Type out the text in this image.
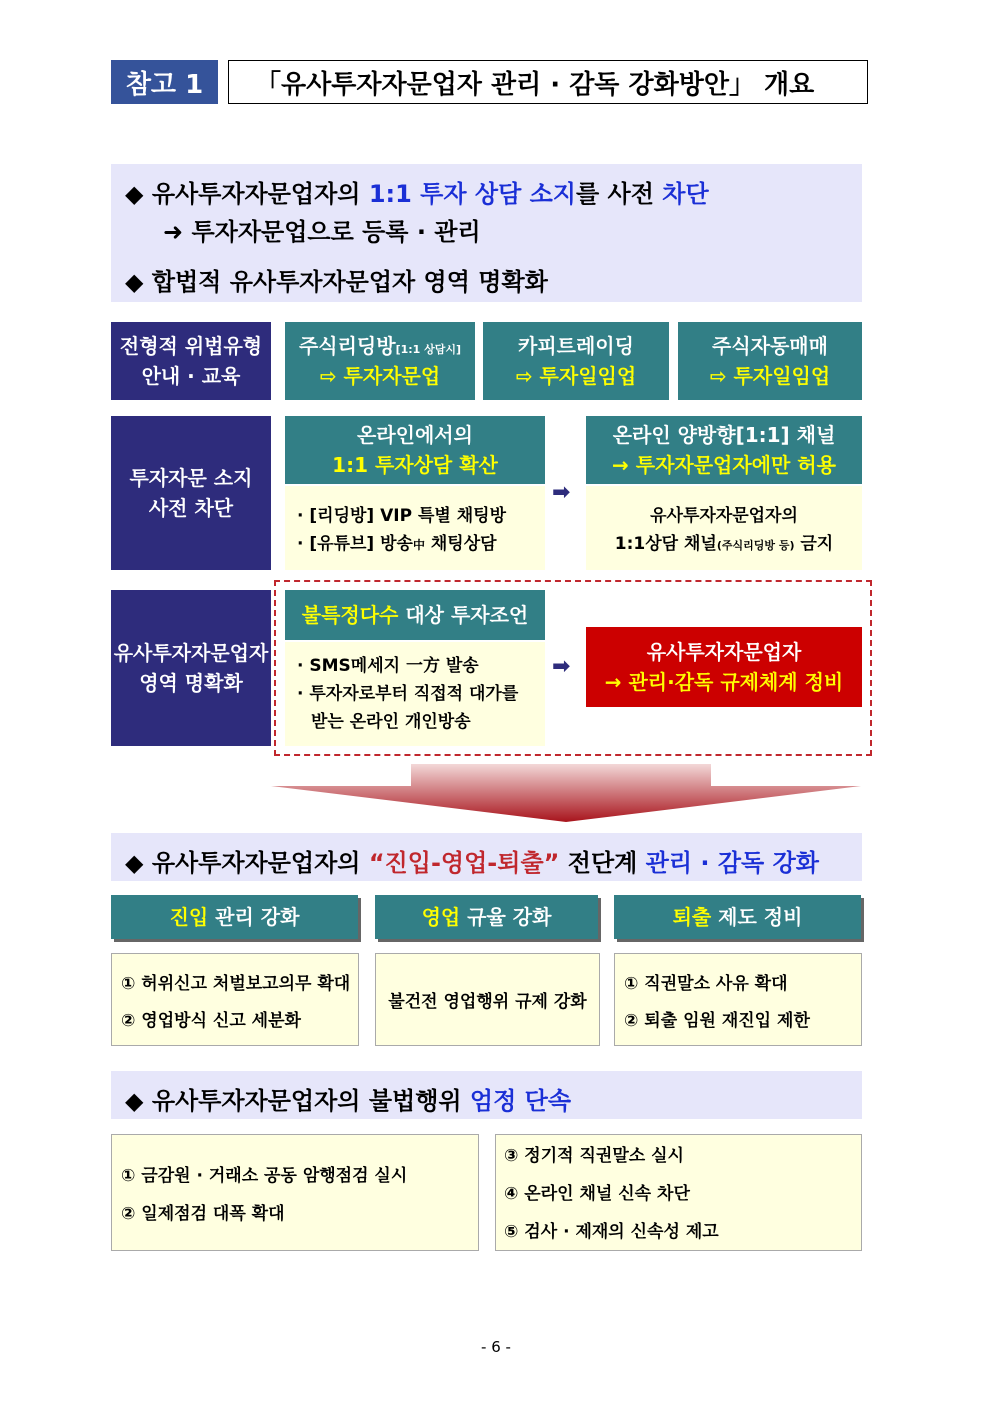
참고 1 「유사투자자문업자 관리 · 감독 강화방안」 개요
◆ 유사투자자문업자의 1:1 투자 상담 소지를 사전 차단
➜ 투자자문업으로 등록 · 관리
◆ 합법적 유사투자자문업자 영역 명확화
전형적 위법유형
안내 · 교육
주식리딩방[1:1 상담시]
⇨ 투자자문업
카피트레이딩
⇨ 투자일임업
주식자동매매
⇨ 투자일임업
투자자문 소지
사전 차단
온라인에서의
1:1 투자상담 확산
· [리딩방] VIP 특별 채팅방
· [유튜브] 방송中 채팅상담
➡
온라인 양방향[1:1] 채널
→ 투자자문업자에만 허용
유사투자자문업자의
1:1상담 채널(주식리딩방 등) 금지
유사투자자문업자
영역 명확화
불특정다수 대상 투자조언
· SMS메세지 一方 발송
· 투자자로부터 직접적 대가를
받는 온라인 개인방송
➡
유사투자자문업자
→ 관리·감독 규제체계 정비
◆ 유사투자자문업자의 “진입-영업-퇴출” 전단계 관리 · 감독 강화
진입 관리 강화	영업 규율 강화	퇴출 제도 정비
① 허위신고 처벌보고의무 확대
② 영업방식 신고 세분화
불건전 영업행위 규제 강화
① 직권말소 사유 확대
② 퇴출 임원 재진입 제한
◆ 유사투자자문업자의 불법행위 엄정 단속
① 금감원 · 거래소 공동 암행점검 실시
② 일제점검 대폭 확대
③ 정기적 직권말소 실시
④ 온라인 채널 신속 차단
⑤ 검사 · 제재의 신속성 제고
- 6 -
